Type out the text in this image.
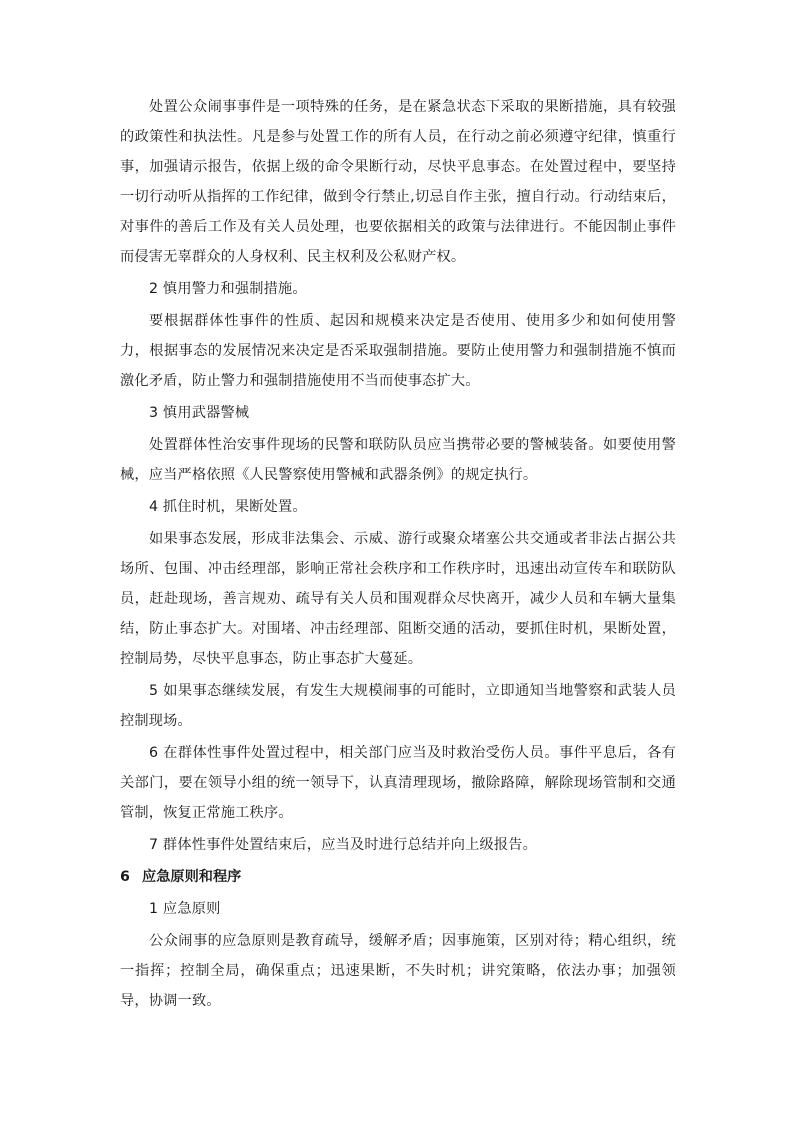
处置公众闹事事件是一项特殊的任务，是在紧急状态下采取的果断措施，具有较强的政策性和执法性。凡是参与处置工作的所有人员，在行动之前必须遵守纪律，慎重行事，加强请示报告，依据上级的命令果断行动，尽快平息事态。在处置过程中，要坚持一切行动听从指挥的工作纪律，做到令行禁止,切忌自作主张，擅自行动。行动结束后，对事件的善后工作及有关人员处理，也要依据相关的政策与法律进行。不能因制止事件而侵害无辜群众的人身权利、民主权利及公私财产权。

2 慎用警力和强制措施。

要根据群体性事件的性质、起因和规模来决定是否使用、使用多少和如何使用警力，根据事态的发展情况来决定是否采取强制措施。要防止使用警力和强制措施不慎而激化矛盾，防止警力和强制措施使用不当而使事态扩大。

3 慎用武器警械

处置群体性治安事件现场的民警和联防队员应当携带必要的警械装备。如要使用警械，应当严格依照《人民警察使用警械和武器条例》的规定执行。

4 抓住时机，果断处置。

如果事态发展，形成非法集会、示威、游行或聚众堵塞公共交通或者非法占据公共场所、包围、冲击经理部，影响正常社会秩序和工作秩序时，迅速出动宣传车和联防队员，赶赴现场，善言规劝、疏导有关人员和围观群众尽快离开，减少人员和车辆大量集结，防止事态扩大。对围堵、冲击经理部、阻断交通的活动，要抓住时机，果断处置，控制局势，尽快平息事态，防止事态扩大蔓延。

5 如果事态继续发展，有发生大规模闹事的可能时，立即通知当地警察和武装人员控制现场。

6 在群体性事件处置过程中，相关部门应当及时救治受伤人员。事件平息后，各有关部门，要在领导小组的统一领导下，认真清理现场，撤除路障，解除现场管制和交通管制，恢复正常施工秩序。

7 群体性事件处置结束后，应当及时进行总结并向上级报告。

6 应急原则和程序

1 应急原则

公众闹事的应急原则是教育疏导，缓解矛盾；因事施策，区别对待；精心组织，统一指挥；控制全局，确保重点；迅速果断，不失时机；讲究策略，依法办事；加强领导，协调一致。
